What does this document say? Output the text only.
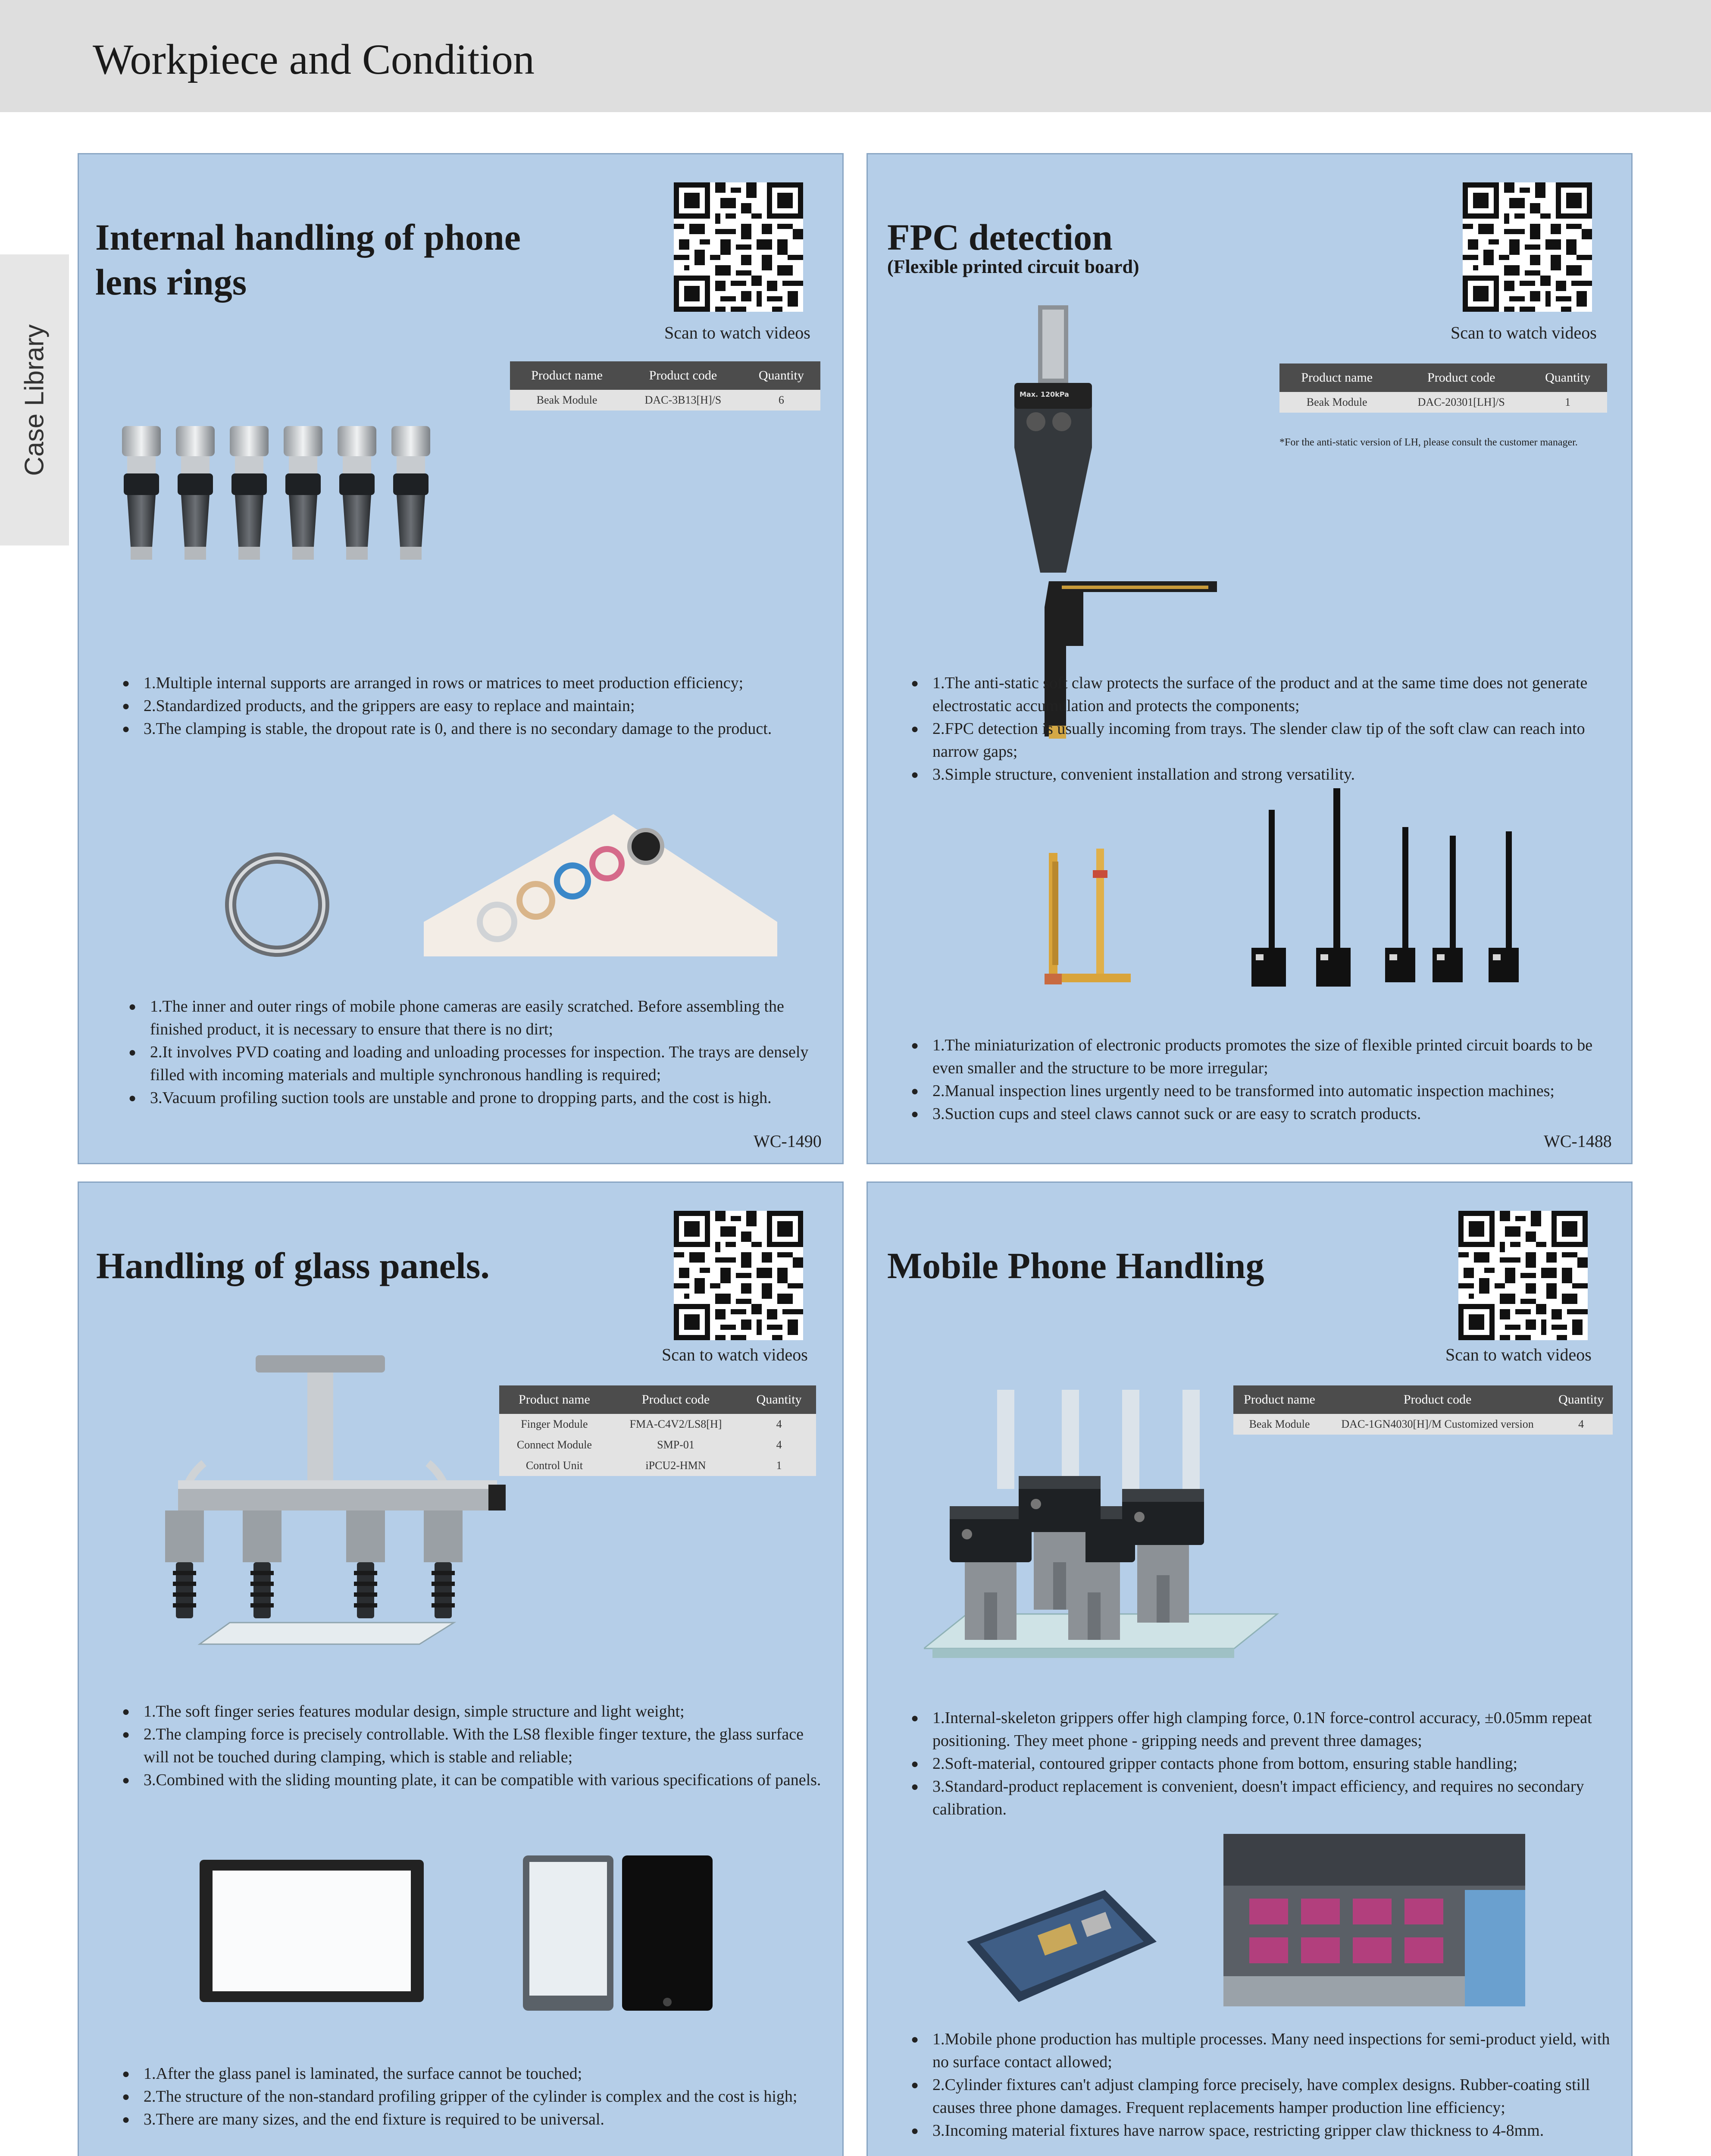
Workpiece and Condition
Case Library
Internal handling of phone
lens rings
Scan to watch videos
Product name	Product code	Quantity
Beak Module	DAC-3B13[H]/S	6
● 1.Multiple internal supports are arranged in rows or matrices to meet production efficiency;
● 2.Standardized products, and the grippers are easy to replace and maintain;
● 3.The clamping is stable, the dropout rate is 0, and there is no secondary damage to the product.
● 1.The inner and outer rings of mobile phone cameras are easily scratched. Before assembling the finished product, it is necessary to ensure that there is no dirt;
● 2.It involves PVD coating and loading and unloading processes for inspection. The trays are densely filled with incoming materials and multiple synchronous handling is required;
● 3.Vacuum profiling suction tools are unstable and prone to dropping parts, and the cost is high.
WC-1490
FPC detection
(Flexible printed circuit board)
Scan to watch videos
Product name	Product code	Quantity
Beak Module	DAC-20301[LH]/S	1
*For the anti-static version of LH, please consult the customer manager.
Max. 120kPa
● 1.The anti-static soft claw protects the surface of the product and at the same time does not generate electrostatic accumulation and protects the components;
● 2.FPC detection is usually incoming from trays. The slender claw tip of the soft claw can reach into narrow gaps;
● 3.Simple structure, convenient installation and strong versatility.
● 1.The miniaturization of electronic products promotes the size of flexible printed circuit boards to be even smaller and the structure to be more irregular;
● 2.Manual inspection lines urgently need to be transformed into automatic inspection machines;
● 3.Suction cups and steel claws cannot suck or are easy to scratch products.
WC-1488
Handling of glass panels.
Scan to watch videos
Product name	Product code	Quantity
Finger Module	FMA-C4V2/LS8[H]	4
Connect Module	SMP-01	4
Control Unit	iPCU2-HMN	1
● 1.The soft finger series features modular design, simple structure and light weight;
● 2.The clamping force is precisely controllable. With the LS8 flexible finger texture, the glass surface will not be touched during clamping, which is stable and reliable;
● 3.Combined with the sliding mounting plate, it can be compatible with various specifications of panels.
● 1.After the glass panel is laminated, the surface cannot be touched;
● 2.The structure of the non-standard profiling gripper of the cylinder is complex and the cost is high;
● 3.There are many sizes, and the end fixture is required to be universal.
Mobile Phone Handling
Scan to watch videos
Product name	Product code	Quantity
Beak Module	DAC-1GN4030[H]/M Customized version	4
● 1.Internal-skeleton grippers offer high clamping force, 0.1N force-control accuracy, ±0.05mm repeat positioning. They meet phone - gripping needs and prevent three damages;
● 2.Soft-material, contoured gripper contacts phone from bottom, ensuring stable handling;
● 3.Standard-product replacement is convenient, doesn't impact efficiency, and requires no secondary calibration.
● 1.Mobile phone production has multiple processes. Many need inspections for semi-product yield, with no surface contact allowed;
● 2.Cylinder fixtures can't adjust clamping force precisely, have complex designs. Rubber-coating still causes three phone damages. Frequent replacements hamper production line efficiency;
● 3.Incoming material fixtures have narrow space, restricting gripper claw thickness to 4-8mm.
